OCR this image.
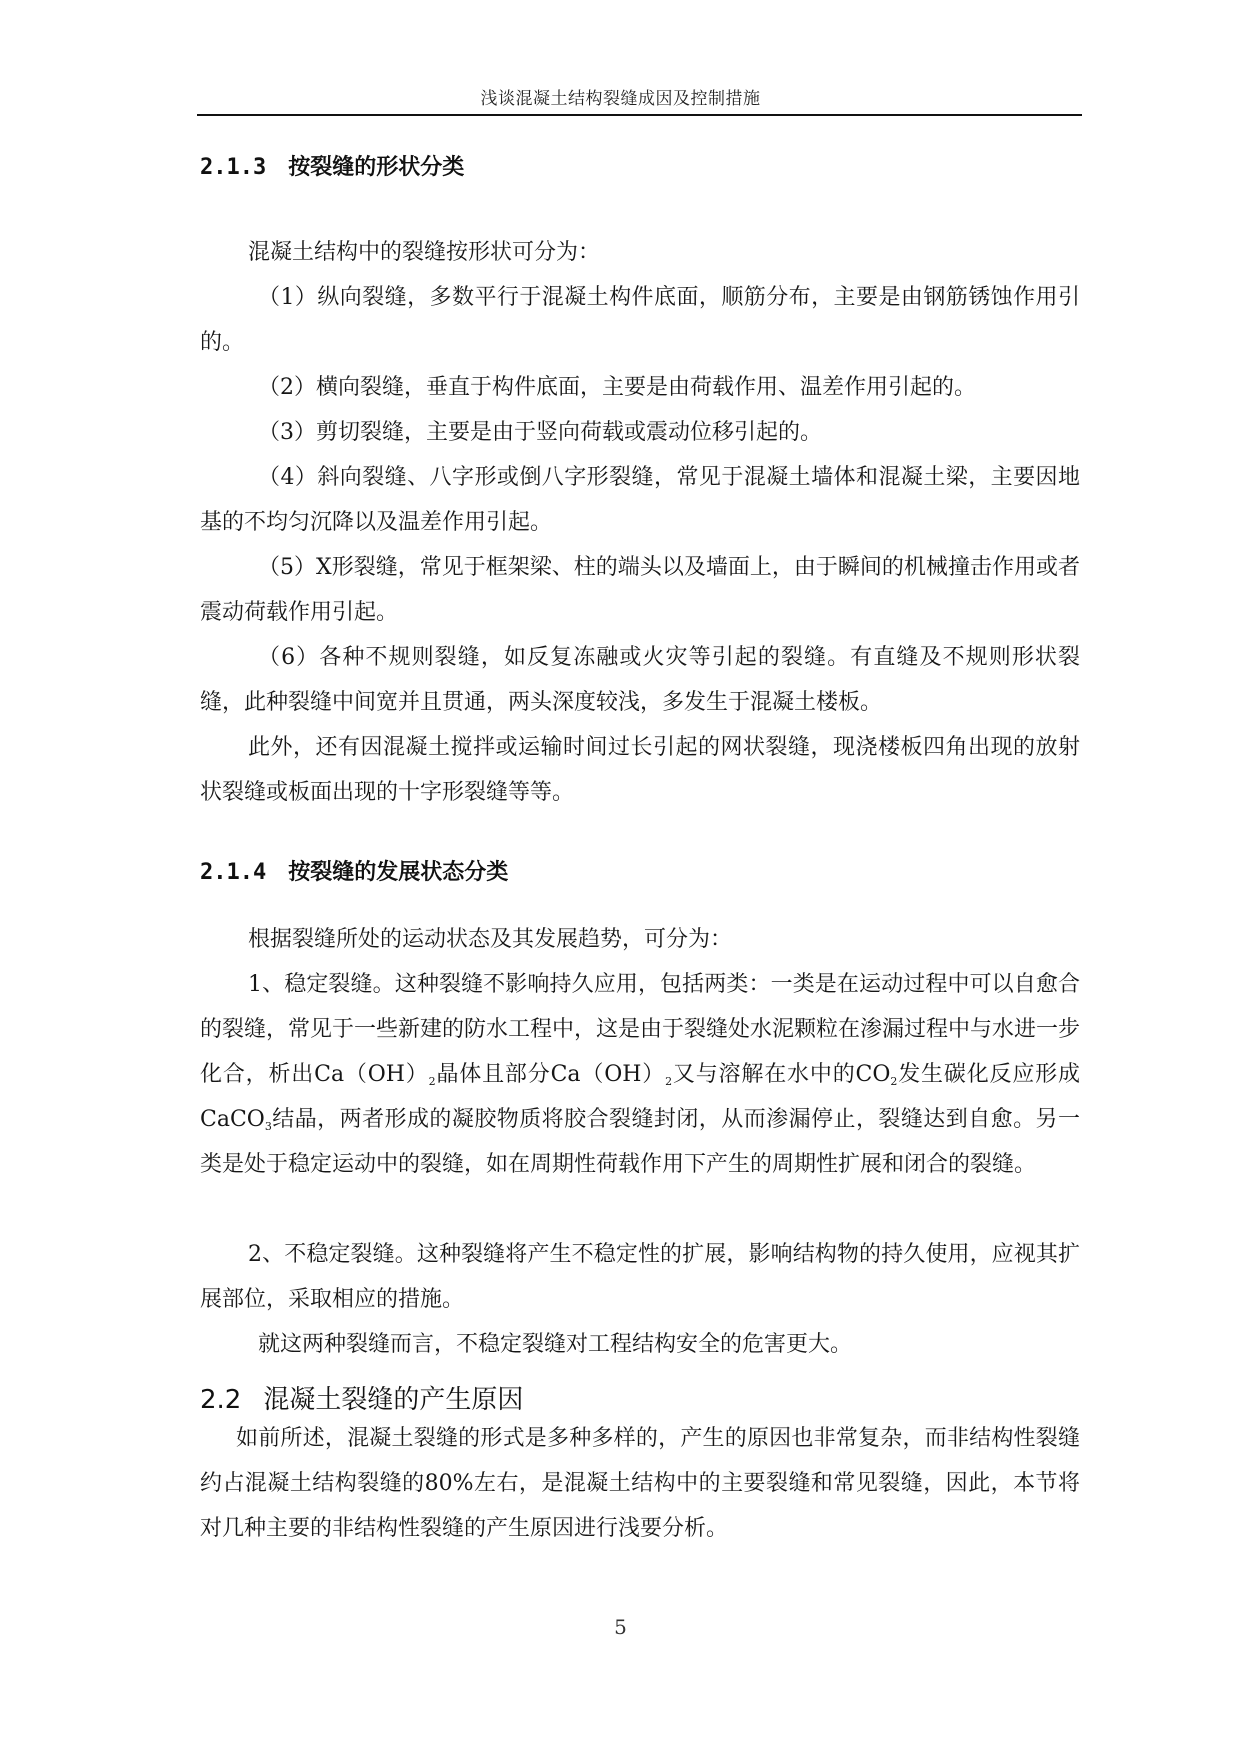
浅谈混凝土结构裂缝成因及控制措施
2.1.3 按裂缝的形状分类
混凝土结构中的裂缝按形状可分为：
（1）纵向裂缝，多数平行于混凝土构件底面，顺筋分布，主要是由钢筋锈蚀作用引的。
（2）横向裂缝，垂直于构件底面，主要是由荷载作用、温差作用引起的。
（3）剪切裂缝，主要是由于竖向荷载或震动位移引起的。
（4）斜向裂缝、八字形或倒八字形裂缝，常见于混凝土墙体和混凝土梁，主要因地基的不均匀沉降以及温差作用引起。
（5）X形裂缝，常见于框架梁、柱的端头以及墙面上，由于瞬间的机械撞击作用或者震动荷载作用引起。
（6）各种不规则裂缝，如反复冻融或火灾等引起的裂缝。有直缝及不规则形状裂缝，此种裂缝中间宽并且贯通，两头深度较浅，多发生于混凝土楼板。
此外，还有因混凝土搅拌或运输时间过长引起的网状裂缝，现浇楼板四角出现的放射状裂缝或板面出现的十字形裂缝等等。
2.1.4 按裂缝的发展状态分类
根据裂缝所处的运动状态及其发展趋势，可分为：
1、稳定裂缝。这种裂缝不影响持久应用，包括两类：一类是在运动过程中可以自愈合的裂缝，常见于一些新建的防水工程中，这是由于裂缝处水泥颗粒在渗漏过程中与水进一步化合，析出$Ca(OH)_2$晶体且部分$Ca(OH)_2$又与溶解在水中的$CO_2$发生碳化反应形成CaCO$_3$结晶，两者形成的凝胶物质将胶合裂缝封闭，从而渗漏停止，裂缝达到自愈。另一类是处于稳定运动中的裂缝，如在周期性荷载作用下产生的周期性扩展和闭合的裂缝。
2、不稳定裂缝。这种裂缝将产生不稳定性的扩展，影响结构物的持久使用，应视其扩展部位，采取相应的措施。
就这两种裂缝而言，不稳定裂缝对工程结构安全的危害更大。
2.2 混凝土裂缝的产生原因
如前所述，混凝土裂缝的形式是多种多样的，产生的原因也非常复杂，而非结构性裂缝约占混凝土结构裂缝的80%左右，是混凝土结构中的主要裂缝和常见裂缝，因此，本节将对几种主要的非结构性裂缝的产生原因进行浅要分析。
5
